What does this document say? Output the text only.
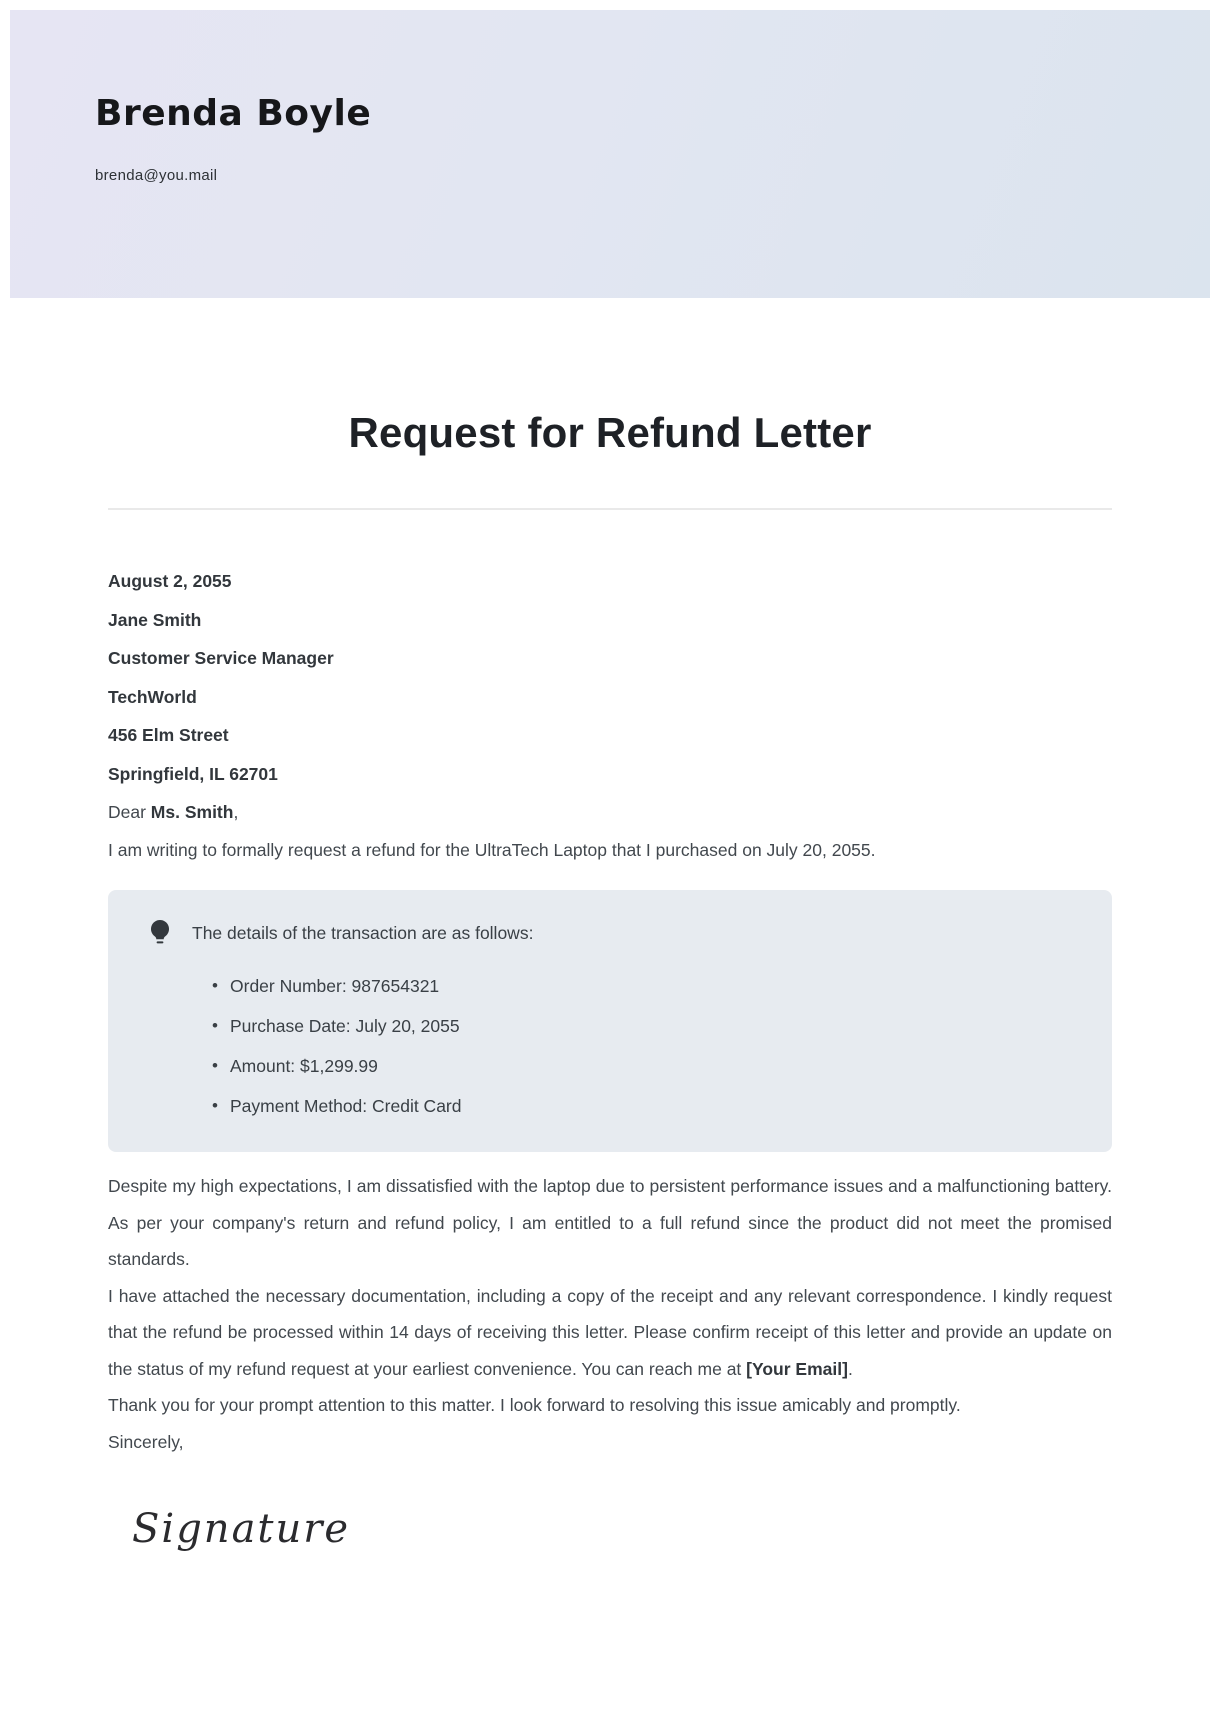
Brenda Boyle
brenda@you.mail
Request for Refund Letter

August 2, 2055

Jane Smith

Customer Service Manager

TechWorld

456 Elm Street

Springfield, IL 62701

Dear Ms. Smith,

I am writing to formally request a refund for the UltraTech Laptop that I purchased on July 20, 2055.

The details of the transaction are as follows:
• Order Number: 987654321
• Purchase Date: July 20, 2055
• Amount: $1,299.99
• Payment Method: Credit Card

Despite my high expectations, I am dissatisfied with the laptop due to persistent performance issues and a malfunctioning battery. As per your company's return and refund policy, I am entitled to a full refund since the product did not meet the promised standards.

I have attached the necessary documentation, including a copy of the receipt and any relevant correspondence. I kindly request that the refund be processed within 14 days of receiving this letter. Please confirm receipt of this letter and provide an update on the status of my refund request at your earliest convenience. You can reach me at [Your Email].

Thank you for your prompt attention to this matter. I look forward to resolving this issue amicably and promptly.

Sincerely,

Signature
